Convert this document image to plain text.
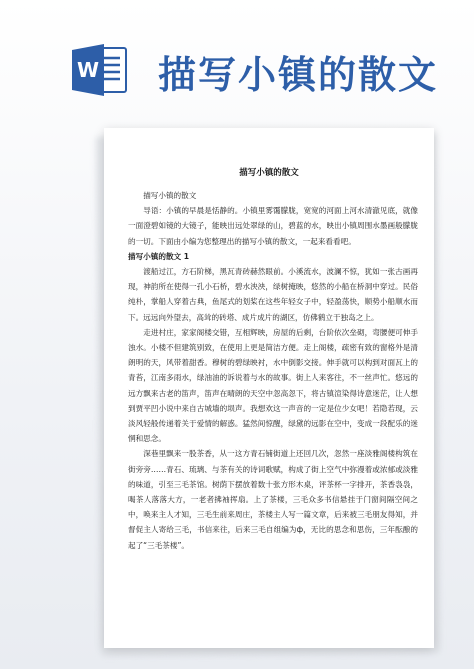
W 描写小镇的散文
描写小镇的散文

描写小镇的散文

导语：小镇的早晨是恬静的。小镇里雾霭朦胧，宽宽的河面上河水清澈见底，就像一面澄碧如镜的大镜子，能映出远处翠绿的山，碧蓝的水，映出小镇周围水墨画般朦胧的一切。下面由小编为您整理出的描写小镇的散文，一起来看看吧。

描写小镇的散文 1

渡船过江，方石阶梯，黑瓦青砖赫然眼前。小溪流水，波澜不惊，犹如一张古画再现，神韵所在使得一孔小石桥，碧水泱泱，绿树掩映，悠然的小船在桥洞中穿过。民俗纯朴，掌船人穿着古典，鱼尾式的划桨在这些年轻女子中，轻盈荡快，顺势小船顺水而下。远远向外望去，高耸的砖塔、成片成片的湖区，仿佛鹤立于独岛之上。

走进村庄，家家阁楼交错，互相辉映，房屋的后剩，台阶依次垒砌，弯腰便可伸手浊水。小楼不但建筑别致，在使用上更是简洁方便。走上阁楼，疏密有致的窗格外是清朗明的天，风带着甜香。穆树的碧绿映衬，水中倒影交接。伸手就可以构到对面瓦上的青苔，江南多雨水，绿油油的诉说着与水的故事。街上人来客往，不一丝声忙。悠远的远方飘来古老的笛声，笛声在晴朗的天空中忽高忽下，将古镇渲染得诗意迷茫，让人想到贾平凹小说中来自古城墙的埙声。我想欢这一声音的一定是位少女吧！若隐若现，云淡风轻般传递着关于爱情的解惑。猛然间惊醒，绿黛的远影在空中，变成一段配乐的迷惘和思念。

深巷里飘来一股茶香，从一这方青石铺街道上还回几次，忽然一座淡雅阁楼构筑在街旁旁……青石、琉璃、与茶有关的诗词歌赋，构成了街上空气中弥漫着或浓郁或淡雅的味道，引至三毛茶馆。树荫下摆放着数十张方形木桌，评茶杯一字排开，茶香袅袅，喝茶人落落大方，一老者拂袖挥扇。上了茶楼，三毛众多书信悬挂于门窗间隔空间之中，唤来主人才知，三毛生前来周庄，茶楼主人写一篇文章，后来被三毛朋友得知，并督促主人寄给三毛，书信来往，后来三毛自组编为ф，无比的思念和思伤，三年酝酿的起了“三毛茶楼”。
